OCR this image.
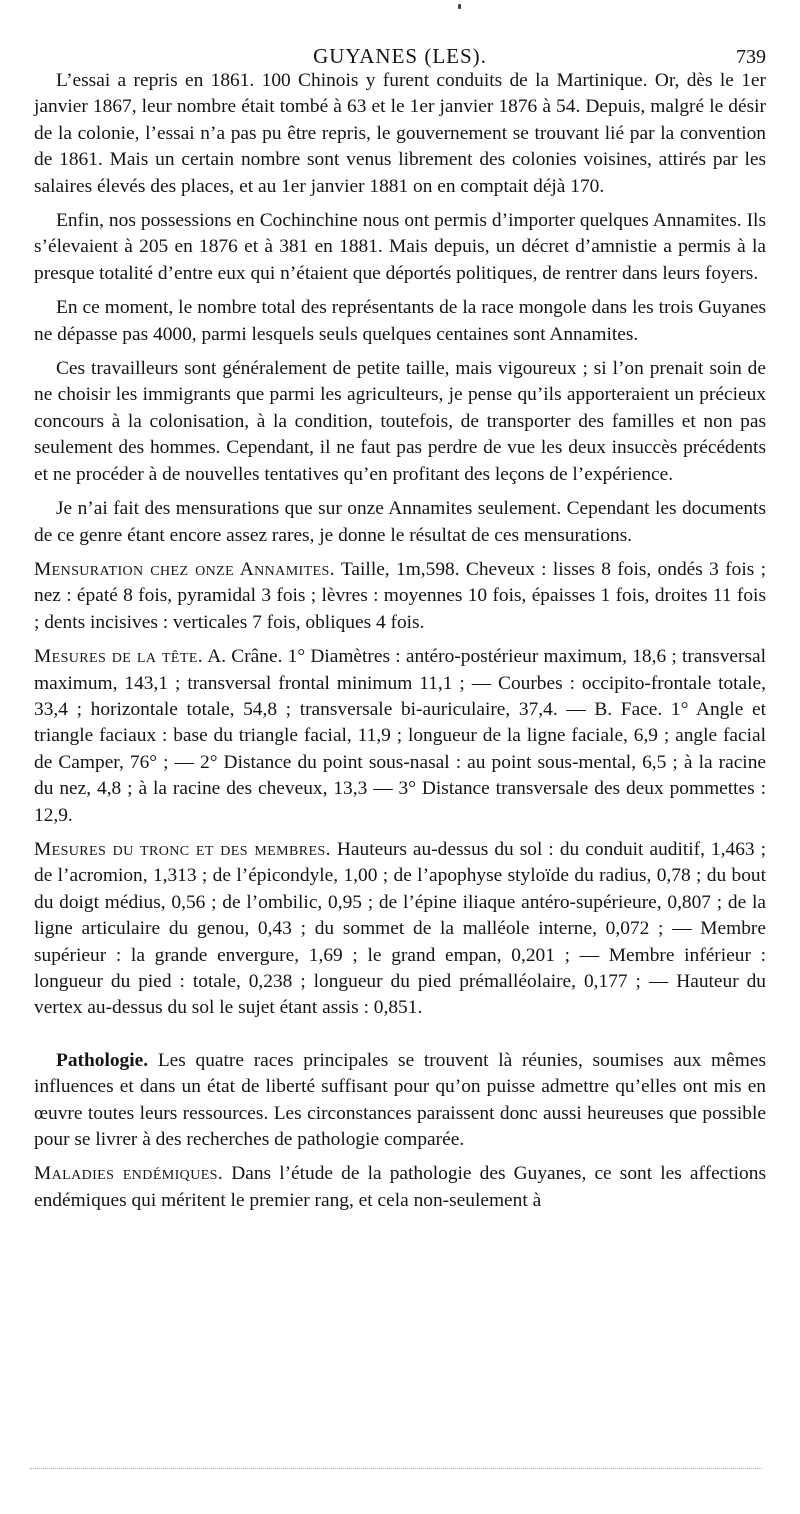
GUYANES (LES).	739

L’essai a repris en 1861. 100 Chinois y furent conduits de la Martinique. Or, dès le 1er janvier 1867, leur nombre était tombé à 63 et le 1er janvier 1876 à 54. Depuis, malgré le désir de la colonie, l’essai n’a pas pu être repris, le gouvernement se trouvant lié par la convention de 1861. Mais un certain nombre sont venus librement des colonies voisines, attirés par les salaires élevés des places, et au 1er janvier 1881 on en comptait déjà 170.

Enfin, nos possessions en Cochinchine nous ont permis d’importer quelques Annamites. Ils s’élevaient à 205 en 1876 et à 381 en 1881. Mais depuis, un décret d’amnistie a permis à la presque totalité d’entre eux qui n’étaient que déportés politiques, de rentrer dans leurs foyers.

En ce moment, le nombre total des représentants de la race mongole dans les trois Guyanes ne dépasse pas 4000, parmi lesquels seuls quelques centaines sont Annamites.

Ces travailleurs sont généralement de petite taille, mais vigoureux ; si l’on prenait soin de ne choisir les immigrants que parmi les agriculteurs, je pense qu’ils apporteraient un précieux concours à la colonisation, à la condition, toutefois, de transporter des familles et non pas seulement des hommes. Cependant, il ne faut pas perdre de vue les deux insuccès précédents et ne procéder à de nouvelles tentatives qu’en profitant des leçons de l’expérience.

Je n’ai fait des mensurations que sur onze Annamites seulement. Cependant les documents de ce genre étant encore assez rares, je donne le résultat de ces mensurations.

Mensuration chez onze Annamites. Taille, 1m,598. Cheveux : lisses 8 fois, ondés 3 fois ; nez : épaté 8 fois, pyramidal 3 fois ; lèvres : moyennes 10 fois, épaisses 1 fois, droites 11 fois ; dents incisives : verticales 7 fois, obliques 4 fois.

Mesures de la tête. A. Crâne. 1° Diamètres : antéro-postérieur maximum, 18,6 ; transversal maximum, 143,1 ; transversal frontal minimum 11,1 ; — Courbes : occipito-frontale totale, 33,4 ; horizontale totale, 54,8 ; transversale bi-auriculaire, 37,4. — B. Face. 1° Angle et triangle faciaux : base du triangle facial, 11,9 ; longueur de la ligne faciale, 6,9 ; angle facial de Camper, 76° ; — 2° Distance du point sous-nasal : au point sous-mental, 6,5 ; à la racine du nez, 4,8 ; à la racine des cheveux, 13,3 — 3° Distance transversale des deux pommettes : 12,9.

Mesures du tronc et des membres. Hauteurs au-dessus du sol : du conduit auditif, 1,463 ; de l’acromion, 1,313 ; de l’épicondyle, 1,00 ; de l’apophyse styloïde du radius, 0,78 ; du bout du doigt médius, 0,56 ; de l’ombilic, 0,95 ; de l’épine iliaque antéro-supérieure, 0,807 ; de la ligne articulaire du genou, 0,43 ; du sommet de la malléole interne, 0,072 ; — Membre supérieur : la grande envergure, 1,69 ; le grand empan, 0,201 ; — Membre inférieur : longueur du pied : totale, 0,238 ; longueur du pied prémalléolaire, 0,177 ; — Hauteur du vertex au-dessus du sol le sujet étant assis : 0,851.

Pathologie. Les quatre races principales se trouvent là réunies, soumises aux mêmes influences et dans un état de liberté suffisant pour qu’on puisse admettre qu’elles ont mis en œuvre toutes leurs ressources. Les circonstances paraissent donc aussi heureuses que possible pour se livrer à des recherches de pathologie comparée.

Maladies endémiques. Dans l’étude de la pathologie des Guyanes, ce sont les affections endémiques qui méritent le premier rang, et cela non-seulement à
